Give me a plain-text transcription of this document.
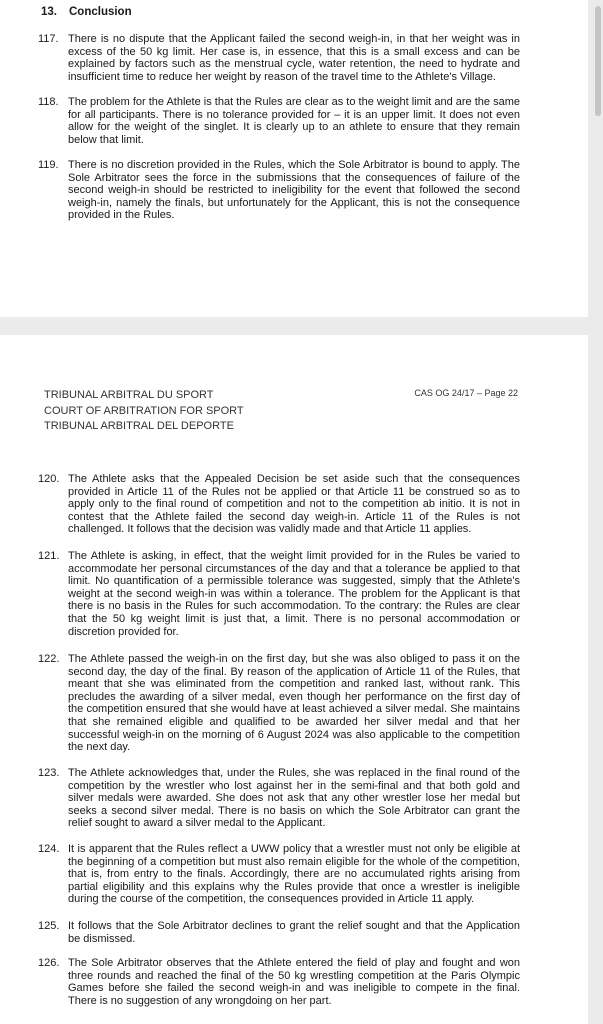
13. Conclusion
117. There is no dispute that the Applicant failed the second weigh-in, in that her weight was in excess of the 50 kg limit. Her case is, in essence, that this is a small excess and can be explained by factors such as the menstrual cycle, water retention, the need to hydrate and insufficient time to reduce her weight by reason of the travel time to the Athlete's Village.
118. The problem for the Athlete is that the Rules are clear as to the weight limit and are the same for all participants. There is no tolerance provided for – it is an upper limit. It does not even allow for the weight of the singlet. It is clearly up to an athlete to ensure that they remain below that limit.
119. There is no discretion provided in the Rules, which the Sole Arbitrator is bound to apply. The Sole Arbitrator sees the force in the submissions that the consequences of failure of the second weigh-in should be restricted to ineligibility for the event that followed the second weigh-in, namely the finals, but unfortunately for the Applicant, this is not the consequence provided in the Rules.
TRIBUNAL ARBITRAL DU SPORT
COURT OF ARBITRATION FOR SPORT
TRIBUNAL ARBITRAL DEL DEPORTE
CAS OG 24/17 – Page 22
120. The Athlete asks that the Appealed Decision be set aside such that the consequences provided in Article 11 of the Rules not be applied or that Article 11 be construed so as to apply only to the final round of competition and not to the competition ab initio. It is not in contest that the Athlete failed the second day weigh-in. Article 11 of the Rules is not challenged. It follows that the decision was validly made and that Article 11 applies.
121. The Athlete is asking, in effect, that the weight limit provided for in the Rules be varied to accommodate her personal circumstances of the day and that a tolerance be applied to that limit. No quantification of a permissible tolerance was suggested, simply that the Athlete's weight at the second weigh-in was within a tolerance. The problem for the Applicant is that there is no basis in the Rules for such accommodation. To the contrary: the Rules are clear that the 50 kg weight limit is just that, a limit. There is no personal accommodation or discretion provided for.
122. The Athlete passed the weigh-in on the first day, but she was also obliged to pass it on the second day, the day of the final. By reason of the application of Article 11 of the Rules, that meant that she was eliminated from the competition and ranked last, without rank. This precludes the awarding of a silver medal, even though her performance on the first day of the competition ensured that she would have at least achieved a silver medal. She maintains that she remained eligible and qualified to be awarded her silver medal and that her successful weigh-in on the morning of 6 August 2024 was also applicable to the competition the next day.
123. The Athlete acknowledges that, under the Rules, she was replaced in the final round of the competition by the wrestler who lost against her in the semi-final and that both gold and silver medals were awarded. She does not ask that any other wrestler lose her medal but seeks a second silver medal. There is no basis on which the Sole Arbitrator can grant the relief sought to award a silver medal to the Applicant.
124. It is apparent that the Rules reflect a UWW policy that a wrestler must not only be eligible at the beginning of a competition but must also remain eligible for the whole of the competition, that is, from entry to the finals. Accordingly, there are no accumulated rights arising from partial eligibility and this explains why the Rules provide that once a wrestler is ineligible during the course of the competition, the consequences provided in Article 11 apply.
125. It follows that the Sole Arbitrator declines to grant the relief sought and that the Application be dismissed.
126. The Sole Arbitrator observes that the Athlete entered the field of play and fought and won three rounds and reached the final of the 50 kg wrestling competition at the Paris Olympic Games before she failed the second weigh-in and was ineligible to compete in the final. There is no suggestion of any wrongdoing on her part.
